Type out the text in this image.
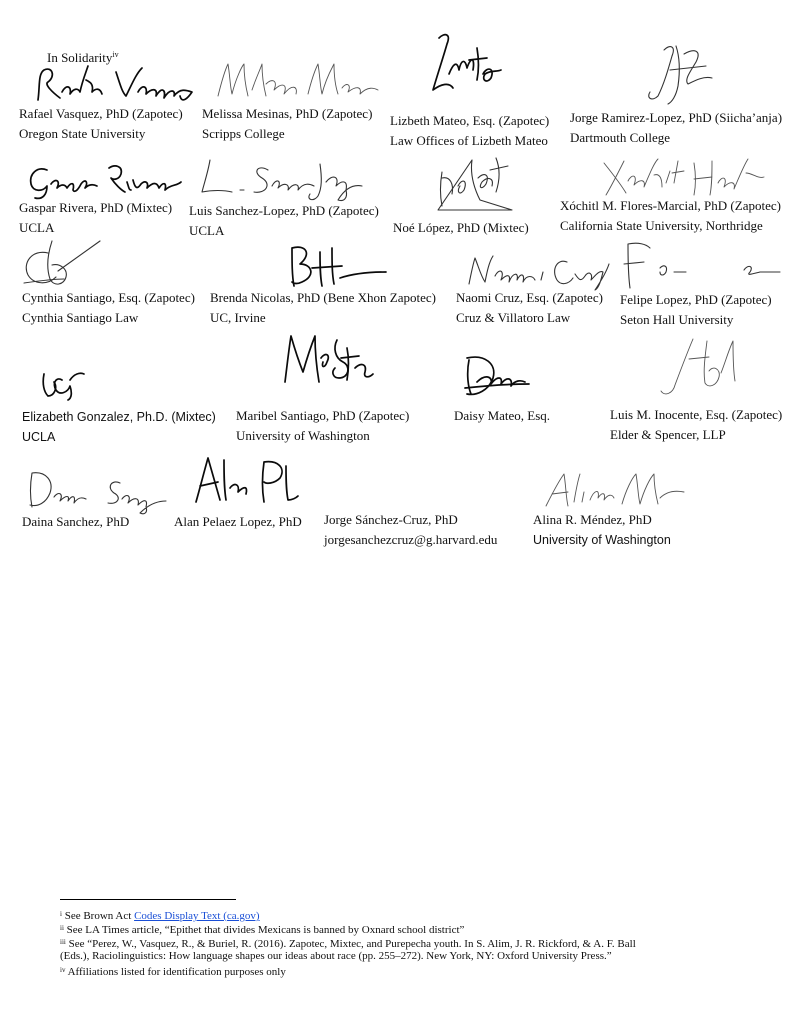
In Solidarity$^{iv}$
Rafael Vasquez, PhD (Zapotec)
Oregon State University
Melissa Mesinas, PhD (Zapotec)
Scripps College
Lizbeth Mateo, Esq. (Zapotec)
Law Offices of Lizbeth Mateo
Jorge Ramirez-Lopez, PhD (Siicha’anja)
Dartmouth College
Gaspar Rivera, PhD (Mixtec)
UCLA
Luis Sanchez-Lopez, PhD (Zapotec)
UCLA	Noé López, PhD (Mixtec)
Xóchitl M. Flores-Marcial, PhD (Zapotec)
California State University, Northridge
Cynthia Santiago, Esq. (Zapotec)
Cynthia Santiago Law
Brenda Nicolas, PhD (Bene Xhon Zapotec)
UC, Irvine
Naomi Cruz, Esq. (Zapotec)
Cruz & Villatoro Law
Felipe Lopez, PhD (Zapotec)
Seton Hall University
Elizabeth Gonzalez, Ph.D. (Mixtec)
UCLA
Maribel Santiago, PhD (Zapotec)
University of Washington
Daisy Mateo, Esq.	Luis M. Inocente, Esq. (Zapotec)
Elder & Spencer, LLP
Daina Sanchez, PhD	Alan Pelaez Lopez, PhD Jorge Sánchez-Cruz, PhD
jorgesanchezcruz@g.harvard.edu
Alina R. Méndez, PhD
University of Washington
$^i$ See Brown Act Codes Display Text (ca.gov)
$^{ii}$ See LA Times article, “Epithet that divides Mexicans is banned by Oxnard school district”
$^{iii}$ See “Perez, W., Vasquez, R., & Buriel, R. (2016). Zapotec, Mixtec, and Purepecha youth. In S. Alim, J. R. Rickford, & A. F. Ball
(Eds.), Raciolinguistics: How language shapes our ideas about race (pp. 255–272). New York, NY: Oxford University Press.”
$^{iv}$ Affiliations listed for identification purposes only
